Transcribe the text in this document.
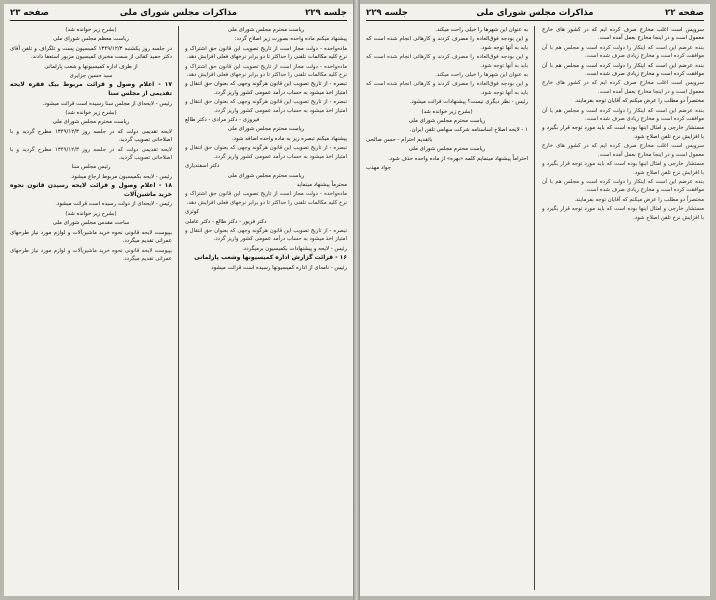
صفحه ۲۳	مذاکرات مجلس شورای ملی	جلسه ۲۲۹

ریاست محترم مجلس شورای ملی

پیشنهاد میکنم ماده واحده بصورت زیر اصلاح گردد:

ماده‌واحده - دولت مجاز است از تاریخ تصویب این قانون حق اشتراک و نرخ کلیه مکالمات تلفنی را حداکثر تا دو برابر نرخهای فعلی افزایش دهد.

ماده‌واحده - دولت مجاز است از تاریخ تصویب این قانون حق اشتراک و نرخ کلیه مکالمات تلفنی را حداکثر تا دو برابر نرخهای فعلی افزایش دهد.

تبصره - از تاریخ تصویب این قانون هرگونه وجهی که بعنوان حق انتقال و امتیاز اخذ میشود به حساب درآمد عمومی کشور واریز گردد.

تبصره - از تاریخ تصویب این قانون هرگونه وجهی که بعنوان حق انتقال و امتیاز اخذ میشود به حساب درآمد عمومی کشور واریز گردد.

فیروزی - دکتر مرادی - دکتر طالع

ریاست محترم مجلس شورای ملی

پیشنهاد میکنم تبصره زیر به ماده واحده اضافه شود.

تبصره - از تاریخ تصویب این قانون هرگونه وجهی که بعنوان حق انتقال و امتیاز اخذ میشود به حساب درآمد عمومی کشور واریز گردد.

دکتر اسفندیاری

ریاست محترم مجلس شورای ملی

محترماً پیشنهاد مینماید

ماده‌واحده - دولت مجاز است از تاریخ تصویب این قانون حق اشتراک و نرخ کلیه مکالمات تلفنی را حداکثر تا دو برابر نرخهای فعلی افزایش دهد.

کوثری

دکتر فریور - دکتر طالع - دکتر عاملی

تبصره - از تاریخ تصویب این قانون هرگونه وجهی که بعنوان حق انتقال و امتیاز اخذ میشود به حساب درآمد عمومی کشور واریز گردد.

رئیس - لایحه و پیشنهادات بکمیسیون برمیگردد.

۱۶ - قرائت گزارش اداره کمیسیونها وشعب پارلمانی

رئیس - نامه‌ای از اداره کمیسیونها رسیده است قرائت میشود

(بشرح زیر خوانده شد)

ریاست معظم مجلس شورای ملی

در جلسه روز یکشنبه ۱۳۴۹/۱۲/۳ کمیسیون پست و تلگراف و تلفن آقای دکتر حمید کفائی از سمت مخبری کمیسیون مزبور استعفا دادند.

از طرف اداره کمیسیونها و شعب پارلمانی

سید حسین جزایری

۱۷ - اعلام وصول و قرائت مربوط بیک فقره لایحه تقدیمی از مجلس سنا

رئیس - لایحه‌ای از مجلس سنا رسیده است قرائت میشود.

(بشرح زیر خوانده شد)

ریاست محترم مجلس شورای ملی

لایحه تقدیمی دولت که در جلسه روز ۱۳۴۹/۱۲/۳ مطرح گردید و با اصلاحاتی تصویب گردید.

لایحه تقدیمی دولت که در جلسه روز ۱۳۴۹/۱۲/۳ مطرح گردید و با اصلاحاتی تصویب گردید.

رئیس مجلس سنا

رئیس - لایحه بکمیسیون مربوط ارجاع میشود.

۱۸ - اعلام وصول و قرائت لایحه رسیدن قانون نحوه خرید ماشین‌آلات

رئیس - لایحه‌ای از دولت رسیده است قرائت میشود.

(بشرح زیر خوانده شد)

ساحت مقدس مجلس شورای ملی

بپیوست لایحه قانونی نحوه خرید ماشین‌آلات و لوازم مورد نیاز طرحهای عمرانی تقدیم میگردد.

بپیوست لایحه قانونی نحوه خرید ماشین‌آلات و لوازم مورد نیاز طرحهای عمرانی تقدیم میگردد.

جلسه ۲۲۹	مذاکرات مجلس شورای ملی	صفحه ۲۲

سرویس است اغلب مخارج صرف کرده ایم که در کشور های خارج معمول است و در اینجا مخارج بعمل آمده است.

بنده عرضم این است که اینکار را دولت کرده است و مجلس هم با آن موافقت کرده است و مخارج زیادی صرف شده است.

بنده عرضم این است که اینکار را دولت کرده است و مجلس هم با آن موافقت کرده است و مخارج زیادی صرف شده است.

سرویس است اغلب مخارج صرف کرده ایم که در کشور های خارج معمول است و در اینجا مخارج بعمل آمده است.

مختصراً دو مطلب را عرض میکنم که آقایان توجه بفرمایند.

بنده عرضم این است که اینکار را دولت کرده است و مجلس هم با آن موافقت کرده است و مخارج زیادی صرف شده است.

مستشار خارجی و امثال اینها بوده است که باید مورد توجه قرار بگیرد و با افزایش نرخ تلفن اصلاح شود.

سرویس است اغلب مخارج صرف کرده ایم که در کشور های خارج معمول است و در اینجا مخارج بعمل آمده است.

مستشار خارجی و امثال اینها بوده است که باید مورد توجه قرار بگیرد و با افزایش نرخ تلفن اصلاح شود.

بنده عرضم این است که اینکار را دولت کرده است و مجلس هم با آن موافقت کرده است و مخارج زیادی صرف شده است.

مختصراً دو مطلب را عرض میکنم که آقایان توجه بفرمایند.

مستشار خارجی و امثال اینها بوده است که باید مورد توجه قرار بگیرد و با افزایش نرخ تلفن اصلاح شود.

به عنوان این شهرها را خیلی راحت میکند.

و این بودجه فوق‌العاده را مصرف کردند و کارهائی انجام شده است که باید به آنها توجه شود.

و این بودجه فوق‌العاده را مصرف کردند و کارهائی انجام شده است که باید به آنها توجه شود.

به عنوان این شهرها را خیلی راحت میکند.

و این بودجه فوق‌العاده را مصرف کردند و کارهائی انجام شده است که باید به آنها توجه شود.

رئیس - نظر دیگری نیست؟ پیشنهادات قرائت میشود.

(بشرح زیر خوانده شد)

ریاست محترم مجلس شورای ملی

۱ - لایحه اصلاح اساسنامه شرکت سهامی تلفن ایران.

باتقدیم احترام - حسن صالحی

ریاست محترم مجلس شورای ملی

احتراماً پیشنهاد مینمایم کلمه «بهره» از ماده واحده حذف شود.

جواد مهذب
